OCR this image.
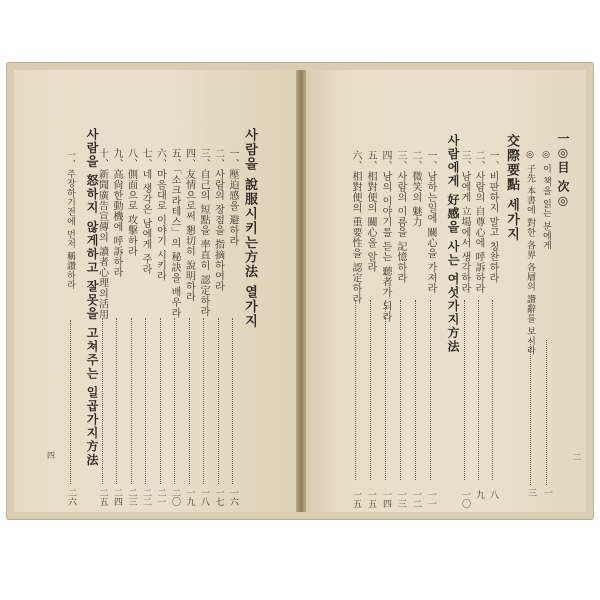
사람을 說服시키는方法 열가지
一、壓迫感을 避하라
一六
二、사람의 장점을 指摘하여라
一七
三、自己의 短點을 率直히 認定하라
一八
四、友情으로써 懇切히 說明하라
一九
五、「소크라테스」의 秘訣을 배우라
二〇
六、마음대로 이야기 시키라
二一
七、네 생각은 남에게 주라
二二
八、側面으로 攻擊하라
二三
九、高尙한動機에 呼訴하라
二四
十、新聞廣告宣傳의 讀者心理의活用
二五
사람을 怒하지 않게하고 잘못을 고쳐주는 일곱가지方法
一、주장하기전에 먼저 稱讚하라
二六
四
一◎目 次◎
◎ 이 책을 읽는 분에게
一
◎ 子先 本書에 對한 各界 各層의 讚辭를 보시라
三
交際要點 세가지
一、비판하지 말고 칭찬하라
八
二、사람의 自尊心에 呼訴하라
九
三、남에게 立場에서 생각하라
一〇
사람에게 好感을 사는 여섯가지方法
一、남하는일에 關心을 가져라
一一
二、微笑의 魅力
一二
三、사람의 이름을 記憶하라
一三
四、남의 이야기를 듣는 聽者가 되라
一四
五、相對便의 關心을 알라
一五
六、相對便의 重要性을 認定하라
一五
二
